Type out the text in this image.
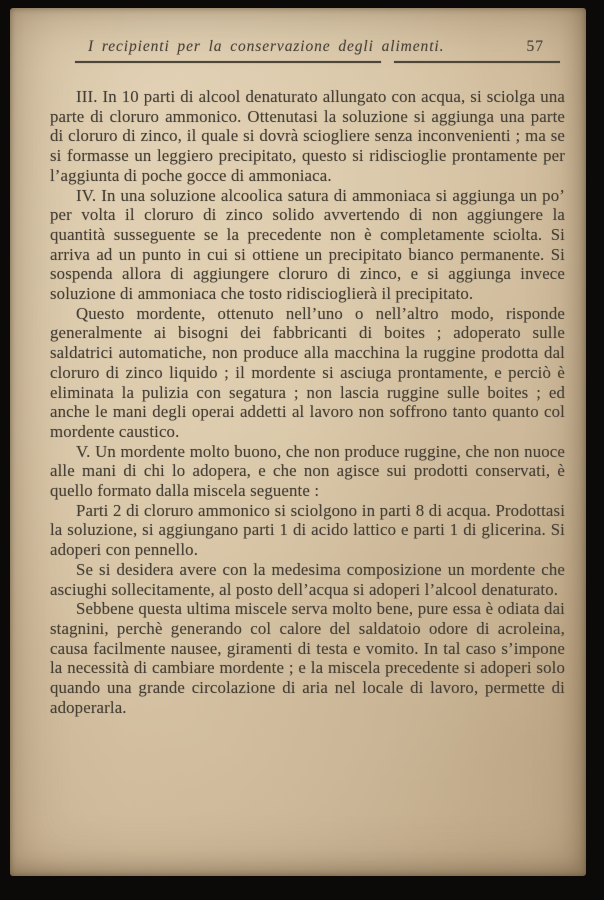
I recipienti per la conservazione degli alimenti.	57

III. In 10 parti di alcool denaturato allungato con acqua, si sciolga una parte di cloruro ammonico. Ottenutasi la soluzione si aggiunga una parte di cloruro di zinco, il quale si dovrà sciogliere senza inconvenienti ; ma se si formasse un leggiero precipitato, questo si ridiscioglie prontamente per l’aggiunta di poche gocce di ammoniaca.

IV. In una soluzione alcoolica satura di ammoniaca si aggiunga un po’ per volta il cloruro di zinco solido avvertendo di non aggiungere la quantità susseguente se la precedente non è completamente sciolta. Si arriva ad un punto in cui si ottiene un precipitato bianco permanente. Si sospenda allora di aggiungere cloruro di zinco, e si aggiunga invece soluzione di ammoniaca che tosto ridiscioglierà il precipitato.

Questo mordente, ottenuto nell’uno o nell’altro modo, risponde generalmente ai bisogni dei fabbricanti di boites ; adoperato sulle saldatrici automatiche, non produce alla macchina la ruggine prodotta dal cloruro di zinco liquido ; il mordente si asciuga prontamente, e perciò è eliminata la pulizia con segatura ; non lascia ruggine sulle boites ; ed anche le mani degli operai addetti al lavoro non soffrono tanto quanto col mordente caustico.

V. Un mordente molto buono, che non produce ruggine, che non nuoce alle mani di chi lo adopera, e che non agisce sui prodotti conservati, è quello formato dalla miscela seguente :

Parti 2 di cloruro ammonico si sciolgono in parti 8 di acqua. Prodottasi la soluzione, si aggiungano parti 1 di acido lattico e parti 1 di glicerina. Si adoperi con pennello.

Se si desidera avere con la medesima composizione un mordente che asciughi sollecitamente, al posto dell’acqua si adoperi l’alcool denaturato.

Sebbene questa ultima miscele serva molto bene, pure essa è odiata dai stagnini, perchè generando col calore del saldatoio odore di acroleina, causa facilmente nausee, giramenti di testa e vomito. In tal caso s’impone la necessità di cambiare mordente ; e la miscela precedente si adoperi solo quando una grande circolazione di aria nel locale di lavoro, permette di adoperarla.
